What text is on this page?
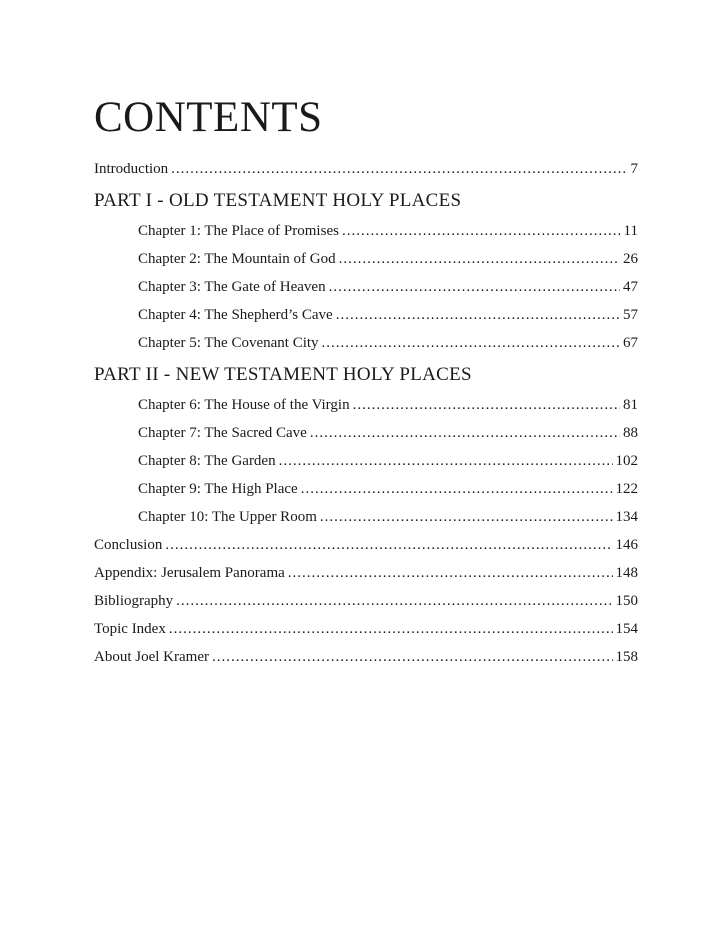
CONTENTS
Introduction .....	7
PART I - OLD TESTAMENT HOLY PLACES
Chapter 1: The Place of Promises .....	11
Chapter 2: The Mountain of God .....	26
Chapter 3: The Gate of Heaven .....	47
Chapter 4: The Shepherd’s Cave .....	57
Chapter 5: The Covenant City .....	67
PART II - NEW TESTAMENT HOLY PLACES
Chapter 6: The House of the Virgin .....	81
Chapter 7: The Sacred Cave .....	88
Chapter 8: The Garden .....	102
Chapter 9: The High Place .....	122
Chapter 10: The Upper Room .....	134
Conclusion .....	146
Appendix: Jerusalem Panorama .....	148
Bibliography .....	150
Topic Index .....	154
About Joel Kramer .....	158
